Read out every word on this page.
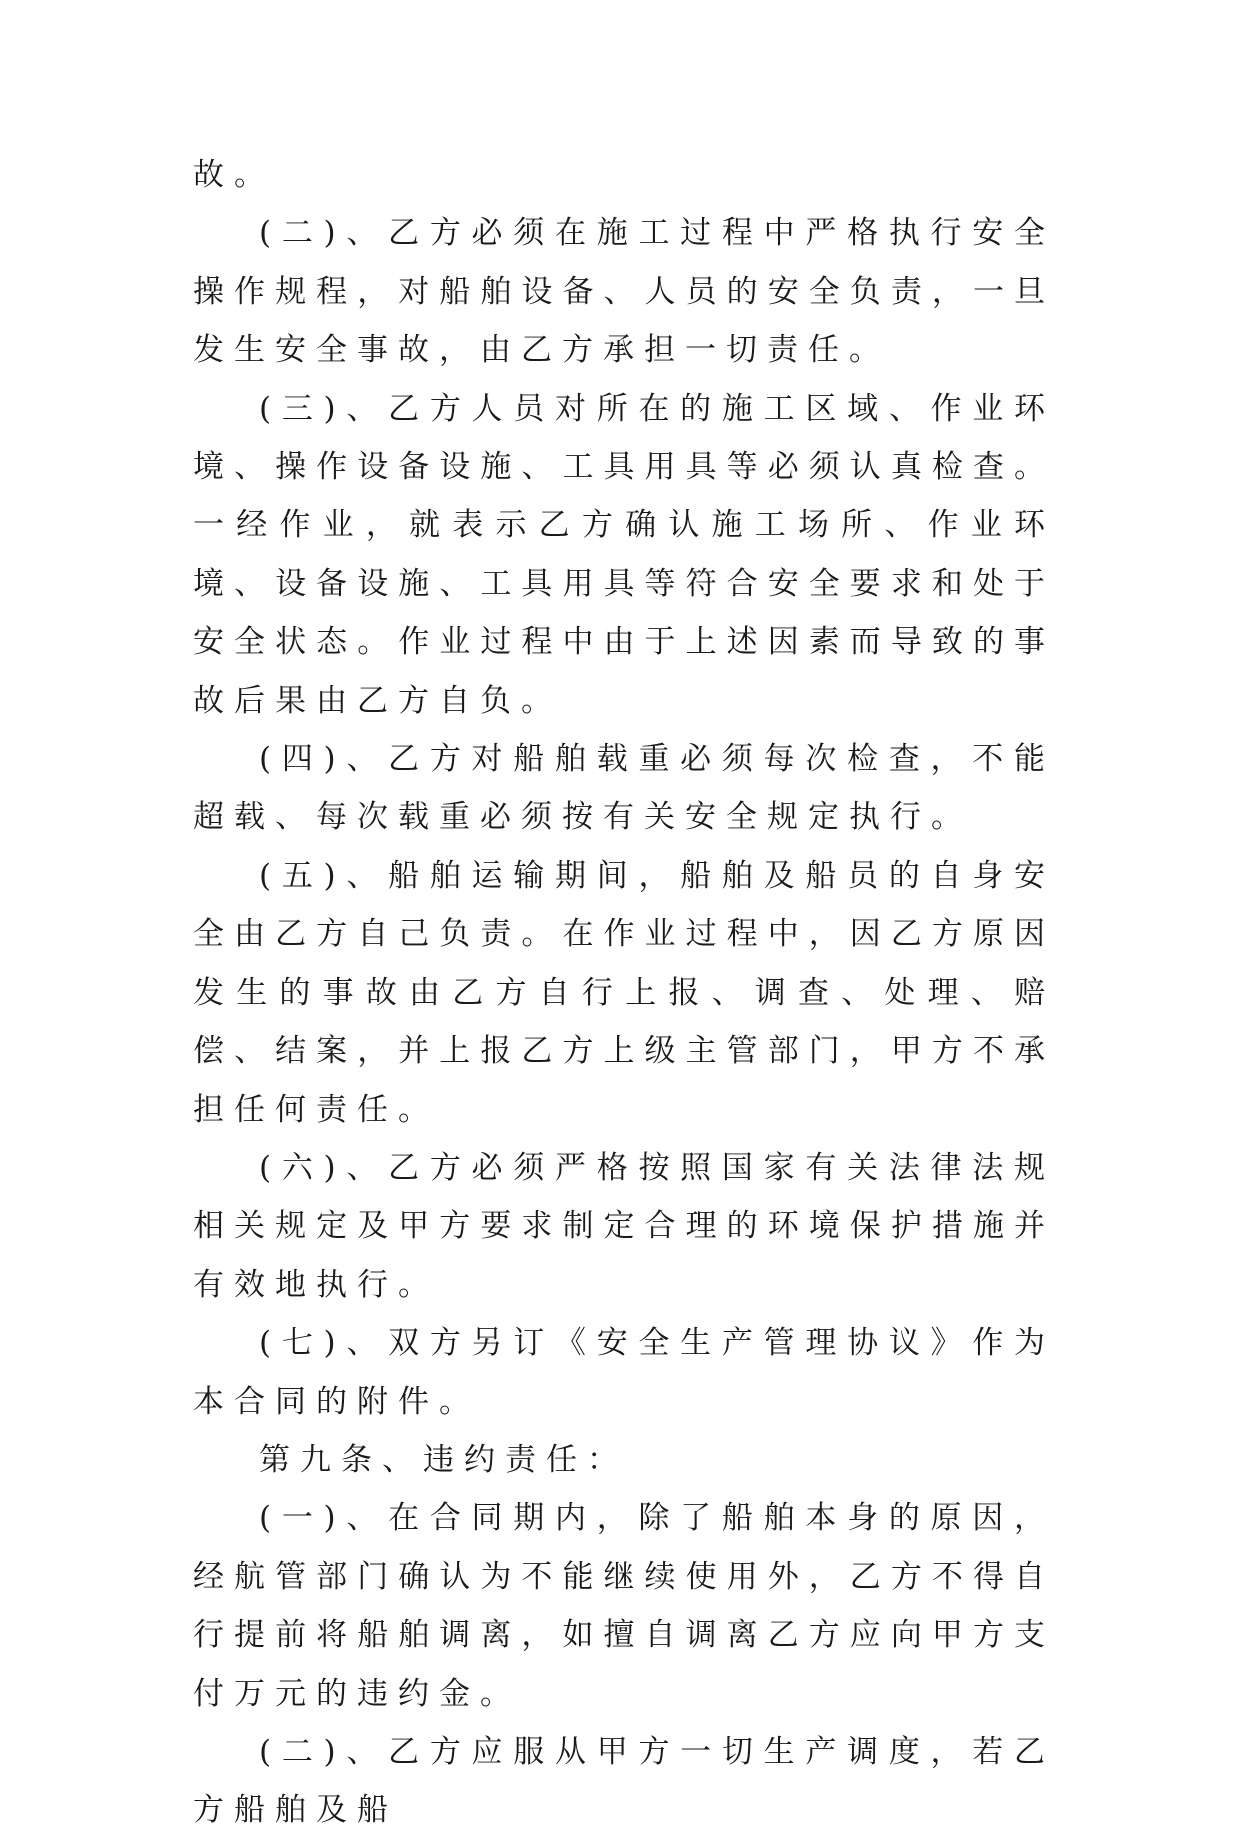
故。

(二)、乙方必须在施工过程中严格执行安全操作规程，对船舶设备、人员的安全负责，一旦发生安全事故，由乙方承担一切责任。

(三)、乙方人员对所在的施工区域、作业环境、操作设备设施、工具用具等必须认真检查。一经作业，就表示乙方确认施工场所、作业环境、设备设施、工具用具等符合安全要求和处于安全状态。作业过程中由于上述因素而导致的事故后果由乙方自负。

(四)、乙方对船舶载重必须每次检查，不能超载、每次载重必须按有关安全规定执行。

(五)、船舶运输期间，船舶及船员的自身安全由乙方自己负责。在作业过程中，因乙方原因发生的事故由乙方自行上报、调查、处理、赔偿、结案，并上报乙方上级主管部门，甲方不承担任何责任。

(六)、乙方必须严格按照国家有关法律法规相关规定及甲方要求制定合理的环境保护措施并有效地执行。

(七)、双方另订《安全生产管理协议》作为本合同的附件。

第九条、违约责任：

(一)、在合同期内，除了船舶本身的原因，经航管部门确认为不能继续使用外，乙方不得自行提前将船舶调离，如擅自调离乙方应向甲方支付万元的违约金。

(二)、乙方应服从甲方一切生产调度，若乙方船舶及船
